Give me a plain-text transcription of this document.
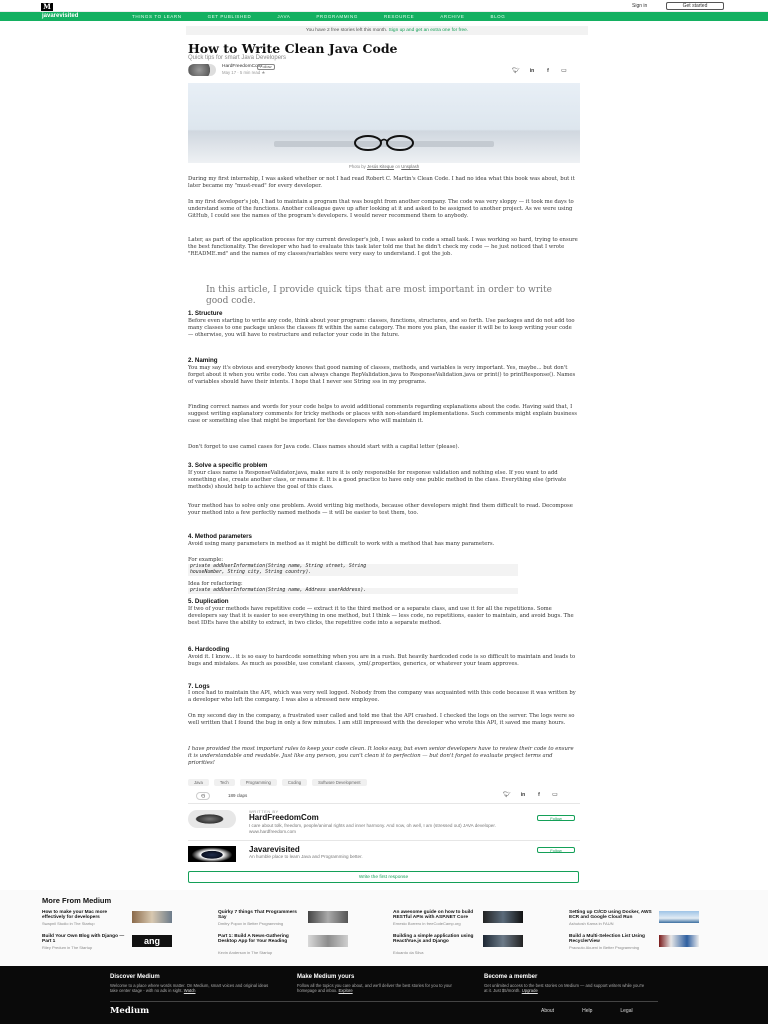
M	Sign in	Get started
javarevisited	THINGS TO LEARN	GET PUBLISHED	JAVA	PROGRAMMING	RESOURCE	ARCHIVE	BLOG
You have 2 free stories left this month. Sign up and get an extra one for free.
How to Write Clean Java Code
Quick tips for smart Java Developers
HardFreedomCom
Follow
May 17 · 5 min read ★	🐦︎	in	f	▭
Photo by Jesús Kiteque on Unsplash
During my first internship, I was asked whether or not I had read Robert C. Martin's Clean Code. I had no idea what this book was about, but it later became my "must-read" for every developer.
In my first developer's job, I had to maintain a program that was bought from another company. The code was very sloppy — it took me days to understand some of the functions. Another colleague gave up after looking at it and asked to be assigned to another project. As we were using GitHub, I could see the names of the program's developers. I would never recommend them to anybody.
Later, as part of the application process for my current developer's job, I was asked to code a small task. I was working so hard, trying to ensure the best functionality. The developer who had to evaluate this task later told me that he didn't check my code — he just noticed that I wrote "README.md" and the names of my classes/variables were very easy to understand. I got the job.
In this article, I provide quick tips that are most important in order to write good code.
1. Structure
Before even starting to write any code, think about your program: classes, functions, structures, and so forth. Use packages and do not add too many classes to one package unless the classes fit within the same category. The more you plan, the easier it will be to keep writing your code — otherwise, you will have to restructure and refactor your code in the future.
2. Naming
You may say it's obvious and everybody knows that good naming of classes, methods, and variables is very important. Yes, maybe... but don't forget about it when you write code. You can always change RepValidation.java to ResponseValidation.java or print() to printResponse(). Names of variables should have their intents. I hope that I never see String sss in my programs.
Finding correct names and words for your code helps to avoid additional comments regarding explanations about the code. Having said that, I suggest writing explanatory comments for tricky methods or places with non-standard implementations. Such comments might explain business case or something else that might be important for the developers who will maintain it.
Don't forget to use camel cases for Java code. Class names should start with a capital letter (please).
3. Solve a specific problem
If your class name is ResponseValidator.java, make sure it is only responsible for response validation and nothing else. If you want to add something else, create another class, or rename it. It is a good practice to have only one public method in the class. Everything else (private methods) should help to achieve the goal of this class.
Your method has to solve only one problem. Avoid writing big methods, because other developers might find them difficult to read. Decompose your method into a few perfectly named methods — it will be easier to test them, too.
4. Method parameters
Avoid using many parameters in method as it might be difficult to work with a method that has many parameters.
For example:
private addUserInformation(String name, String street, String
houseNumber, String city, String country).
Idea for refactoring:
private addUserInformation(String name, Address userAddress).
5. Duplication
If two of your methods have repetitive code — extract it to the third method or a separate class, and use it for all the repetitions. Some developers say that it is easier to see everything in one method, but I think — less code, no repetitions, easier to maintain, and avoid bugs. The best IDEs have the ability to extract, in two clicks, the repetitive code into a separate method.
6. Hardcoding
Avoid it. I know... it is so easy to hardcode something when you are in a rush. But heavily hardcoded code is so difficult to maintain and leads to bugs and mistakes. As much as possible, use constant classes, .yml/.properties, generics, or whatever your team approves.
7. Logs
I once had to maintain the API, which was very well logged. Nobody from the company was acquainted with this code because it was written by a developer who left the company. I was also a stressed new employee.
On my second day in the company, a frustrated user called and told me that the API crashed. I checked the logs on the server. The logs were so well written that I found the bug in only a few minutes. I am still impressed with the developer who wrote this API, it saved me many hours.
I have provided the most important rules to keep your code clean. It looks easy, but even senior developers have to review their code to ensure it is understandable and readable. Just like any person, you can't clean it to perfection — but don't forget to evaluate project terms and priorities!
Java	Tech	Programming	Coding	Software Development
👏︎	189 claps	🐦︎	in	f	▭
WRITTEN BY
HardFreedomCom
I care about tolk, freedom, people/animal rights and inner harmony. And now, oh well, I am (stressed out) JAVA developer. www.hardfreedom.com
Follow
Javarevisited
An humble place to learn Java and Programming better.
Follow
Write the first response
More From Medium
How to make your Mac more effectively for developers
Swapnil Studio in The Startup
Quirky 7 things That Programmers Say
Dmitry Popov in Better Programming
An awesome guide on how to build RESTful APIs with ASP.NET Core
Ernesto Borrero in freeCodeCamp.org
Setting up CI/CD using Docker, AWS ECR and Google Cloud Run
Ashutosh Karna in FAUN
Build Your Own Blog with Django —Part 1
Riley Predum in The Startup
ang	Part 1: Build A News-Gathering Desktop App for Your Reading
Kevin Anderson in The Startup
Building a simple application using React/Vue.js and Django
Eduardo da Silva
Build a Multi-Selection List Using RecyclerView
Pracsuto Akueni in Better Programming
Discover Medium
Welcome to a place where words matter. On Medium, smart voices and original ideas take center stage - with no ads in sight. Watch
Make Medium yours
Follow all the topics you care about, and we'll deliver the best stories for you to your homepage and inbox. Explore
Become a member
Get unlimited access to the best stories on Medium — and support writers while you're at it. Just $5/month. Upgrade
Medium	About	Help	Legal
